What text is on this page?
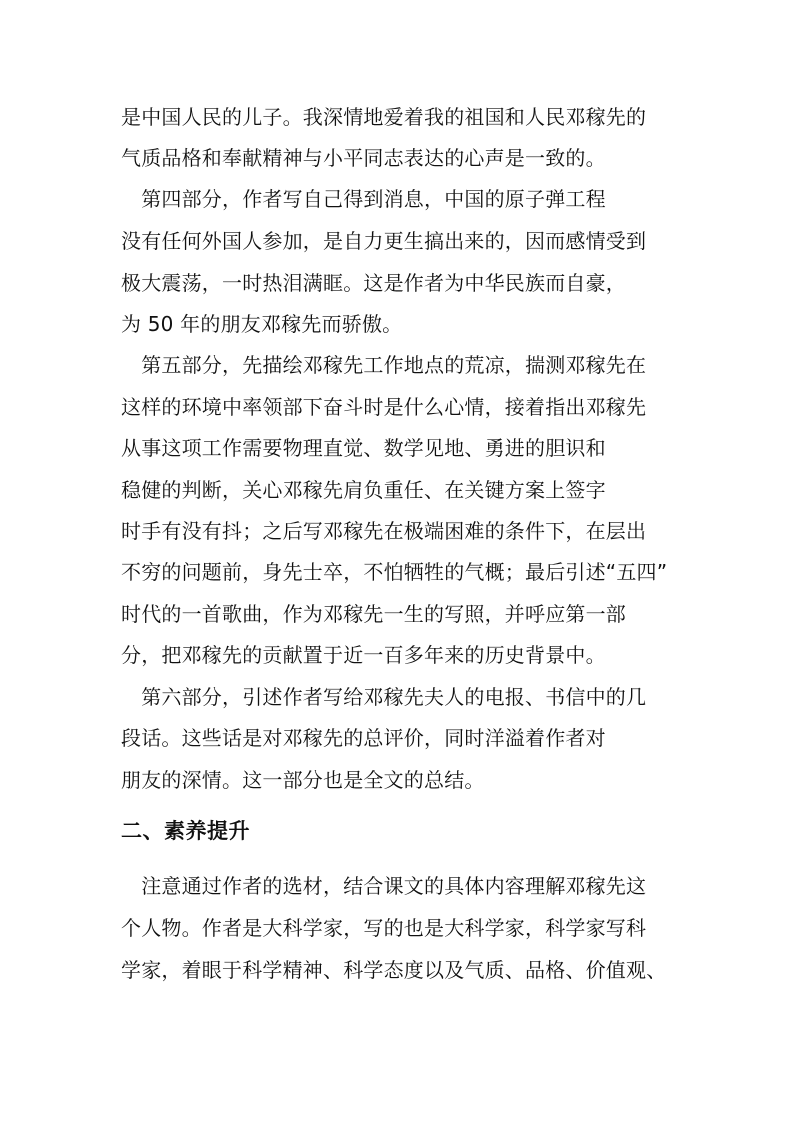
是中国人民的儿子。我深情地爱着我的祖国和人民邓稼先的
气质品格和奉献精神与小平同志表达的心声是一致的。
　第四部分，作者写自己得到消息，中国的原子弹工程
没有任何外国人参加，是自力更生搞出来的，因而感情受到
极大震荡，一时热泪满眶。这是作者为中华民族而自豪，
为 50 年的朋友邓稼先而骄傲。
　第五部分，先描绘邓稼先工作地点的荒凉，揣测邓稼先在
这样的环境中率领部下奋斗时是什么心情，接着指出邓稼先
从事这项工作需要物理直觉、数学见地、勇进的胆识和
稳健的判断，关心邓稼先肩负重任、在关键方案上签字
时手有没有抖；之后写邓稼先在极端困难的条件下，在层出
不穷的问题前，身先士卒，不怕牺牲的气概；最后引述“五四”
时代的一首歌曲，作为邓稼先一生的写照，并呼应第一部
分，把邓稼先的贡献置于近一百多年来的历史背景中。
　第六部分，引述作者写给邓稼先夫人的电报、书信中的几
段话。这些话是对邓稼先的总评价，同时洋溢着作者对
朋友的深情。这一部分也是全文的总结。
二、素养提升
　注意通过作者的选材，结合课文的具体内容理解邓稼先这
个人物。作者是大科学家，写的也是大科学家，科学家写科
学家，着眼于科学精神、科学态度以及气质、品格、价值观、
